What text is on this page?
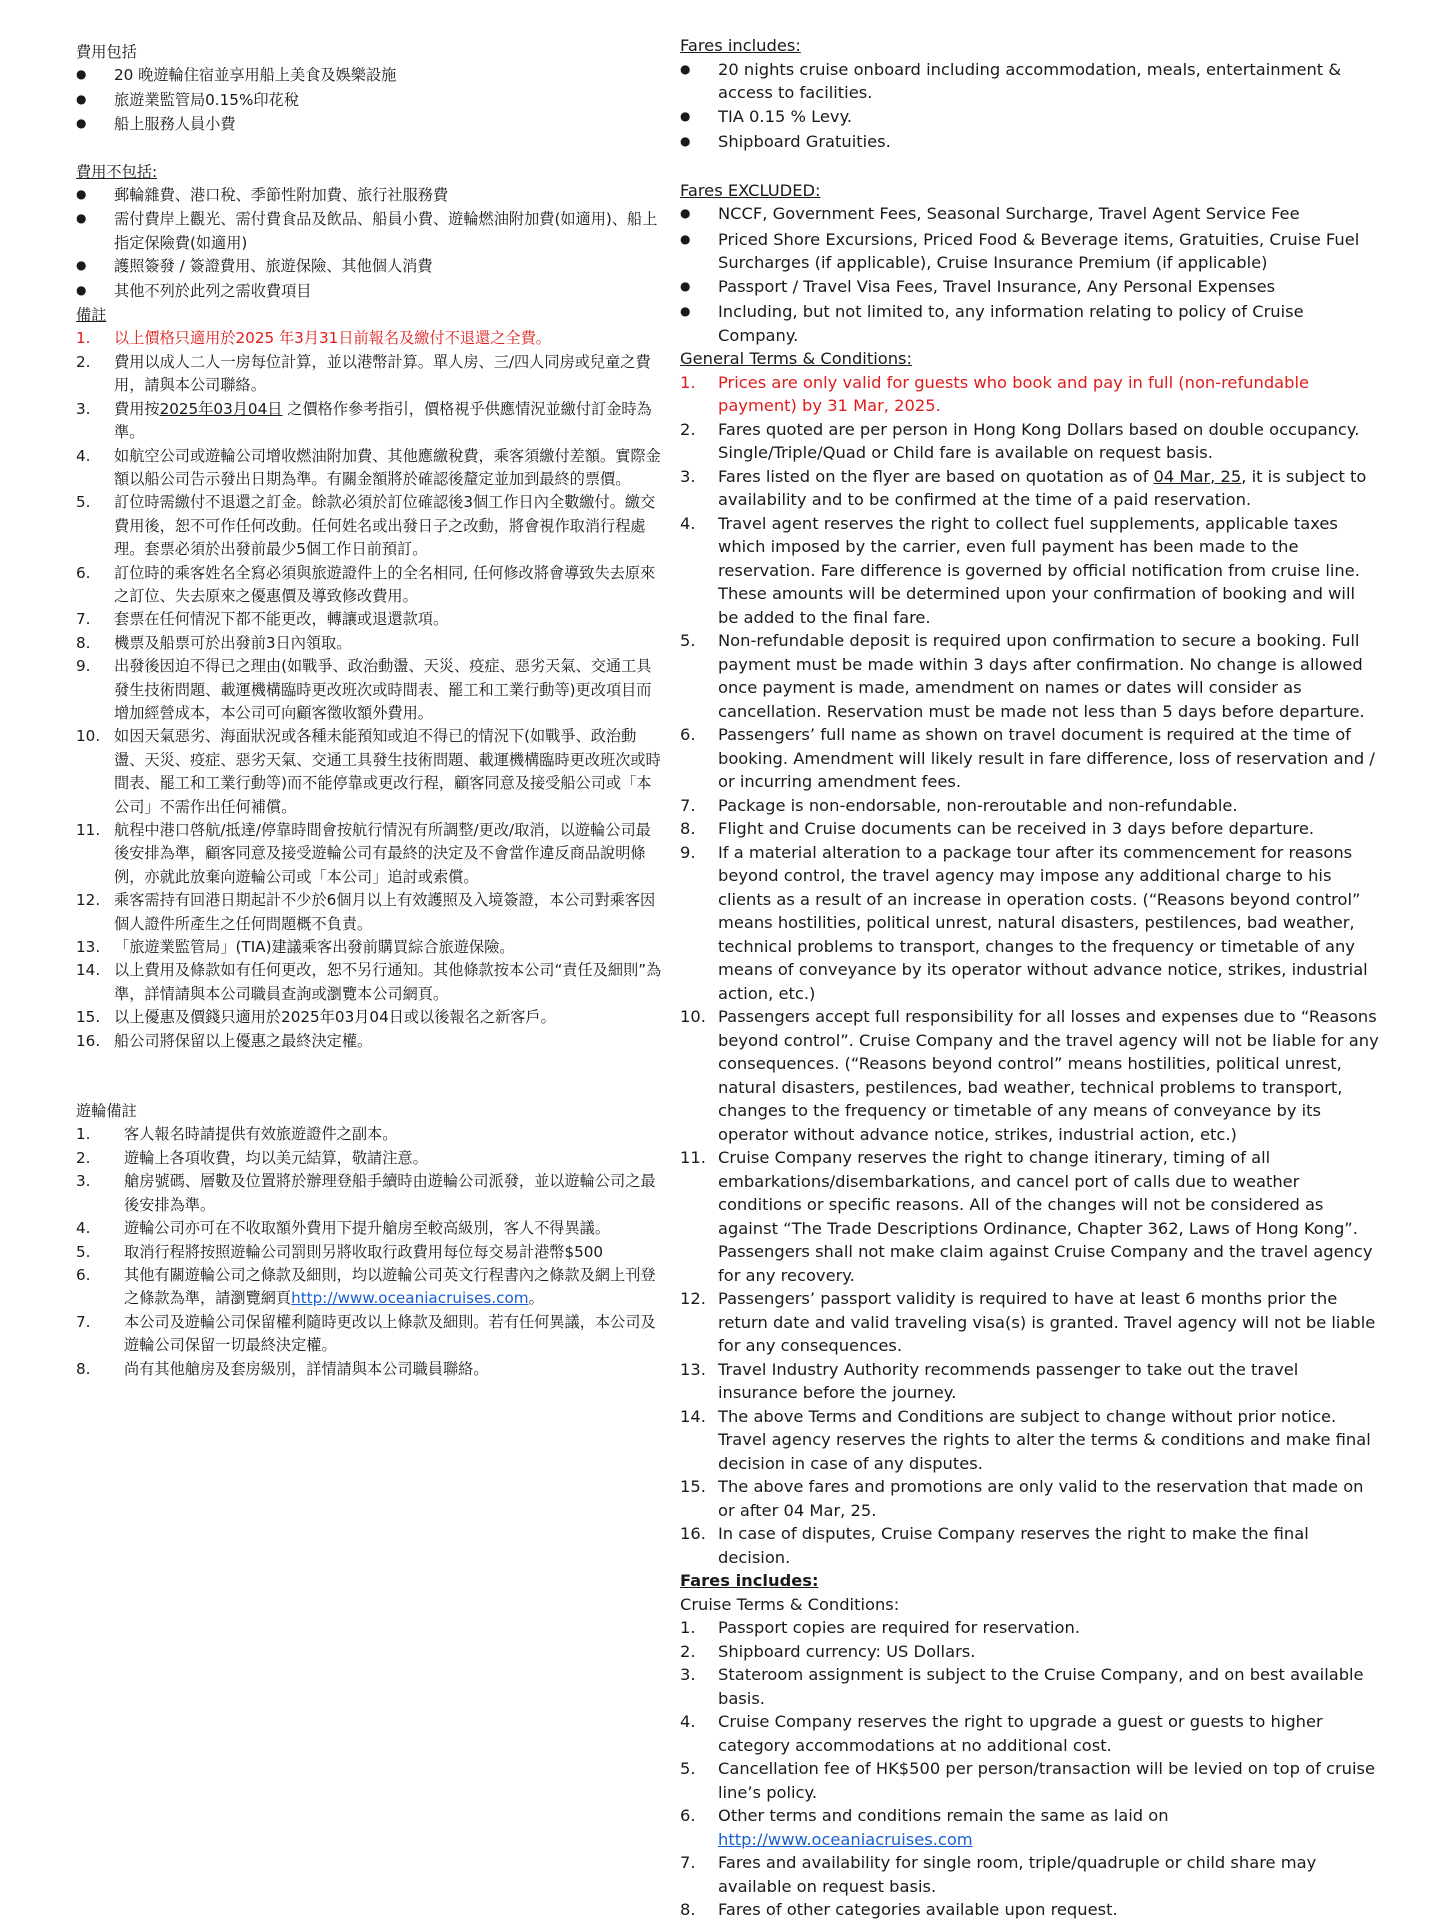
費用包括
●
20 晚遊輪住宿並享用船上美食及娛樂設施
●
旅遊業監管局0.15%印花稅
●
船上服務人員小費
費用不包括:
●
郵輪雜費、港口稅、季節性附加費、旅行社服務費
●
需付費岸上觀光、需付費食品及飲品、船員小費、遊輪燃油附加費(如適用)、船上指定保險費(如適用)
●
護照簽發 / 簽證費用、旅遊保險、其他個人消費
●
其他不列於此列之需收費項目
備註
1.	以上價格只適用於2025 年3月31日前報名及繳付不退還之全費。
2.	費用以成人二人一房每位計算，並以港幣計算。單人房、三/四人同房或兒童之費用，請與本公司聯絡。
3.	費用按2025年03月04日 之價格作參考指引，價格視乎供應情況並繳付訂金時為準。
4.	如航空公司或遊輪公司增收燃油附加費、其他應繳稅費，乘客須繳付差額。實際金額以船公司告示發出日期為準。有關金額將於確認後釐定並加到最終的票價。
5.	訂位時需繳付不退還之訂金。餘款必須於訂位確認後3個工作日內全數繳付。繳交費用後，恕不可作任何改動。任何姓名或出發日子之改動，將會視作取消行程處理。套票必須於出發前最少5個工作日前預訂。
6.	訂位時的乘客姓名全寫必須與旅遊證件上的全名相同, 任何修改將會導致失去原來之訂位、失去原來之優惠價及導致修改費用。
7.	套票在任何情況下都不能更改，轉讓或退還款項。
8.	機票及船票可於出發前3日內領取。
9.	出發後因迫不得已之理由(如戰爭、政治動盪、天災、疫症、惡劣天氣、交通工具發生技術問題、載運機構臨時更改班次或時間表、罷工和工業行動等)更改項目而增加經營成本，本公司可向顧客徵收額外費用。
10. 如因天氣惡劣、海面狀況或各種未能預知或迫不得已的情況下(如戰爭、政治動盪、天災、疫症、惡劣天氣、交通工具發生技術問題、載運機構臨時更改班次或時間表、罷工和工業行動等)而不能停靠或更改行程，顧客同意及接受船公司或「本公司」不需作出任何補償。
11. 航程中港口啓航/抵達/停靠時間會按航行情況有所調整/更改/取消，以遊輪公司最後安排為準，顧客同意及接受遊輪公司有最終的決定及不會當作違反商品說明條例，亦就此放棄向遊輪公司或「本公司」追討或索償。
12. 乘客需持有回港日期起計不少於6個月以上有效護照及入境簽證，本公司對乘客因個人證件所產生之任何問題概不負責。
13. 「旅遊業監管局」(TIA)建議乘客出發前購買綜合旅遊保險。
14. 以上費用及條款如有任何更改，恕不另行通知。其他條款按本公司“責任及細則”為準，詳情請與本公司職員查詢或瀏覽本公司網頁。
15. 以上優惠及價錢只適用於2025年03月04日或以後報名之新客戶。
16. 船公司將保留以上優惠之最終決定權。
遊輪備註
1.	客人報名時請提供有效旅遊證件之副本。
2.	遊輪上各項收費，均以美元結算，敬請注意。
3.	艙房號碼、層數及位置將於辦理登船手續時由遊輪公司派發，並以遊輪公司之最後安排為準。
4.	遊輪公司亦可在不收取額外費用下提升艙房至較高級別，客人不得異議。
5.	取消行程將按照遊輪公司罰則另將收取行政費用每位每交易計港幣$500
6.	其他有關遊輪公司之條款及細則，均以遊輪公司英文行程書內之條款及網上刊登之條款為準，請瀏覽網頁http://www.oceaniacruises.com。
7.	本公司及遊輪公司保留權利隨時更改以上條款及細則。若有任何異議，本公司及遊輪公司保留一切最終決定權。
8.	尚有其他艙房及套房級別，詳情請與本公司職員聯絡。
Fares includes:
●
20 nights cruise onboard including accommodation, meals, entertainment & access to facilities.
●
TIA 0.15 % Levy.
●
Shipboard Gratuities.
Fares EXCLUDED:
●
NCCF, Government Fees, Seasonal Surcharge, Travel Agent Service Fee
●
Priced Shore Excursions, Priced Food & Beverage items, Gratuities, Cruise Fuel Surcharges (if applicable), Cruise Insurance Premium (if applicable)
●
Passport / Travel Visa Fees, Travel Insurance, Any Personal Expenses
●
Including, but not limited to, any information relating to policy of Cruise Company.
General Terms & Conditions:
1.	Prices are only valid for guests who book and pay in full (non-refundable payment) by 31 Mar, 2025.
2.	Fares quoted are per person in Hong Kong Dollars based on double occupancy. Single/Triple/Quad or Child fare is available on request basis.
3.	Fares listed on the flyer are based on quotation as of 04 Mar, 25, it is subject to availability and to be confirmed at the time of a paid reservation.
4.	Travel agent reserves the right to collect fuel supplements, applicable taxes which imposed by the carrier, even full payment has been made to the reservation. Fare difference is governed by official notification from cruise line. These amounts will be determined upon your confirmation of booking and will be added to the final fare.
5.	Non-refundable deposit is required upon confirmation to secure a booking. Full payment must be made within 3 days after confirmation. No change is allowed once payment is made, amendment on names or dates will consider as cancellation. Reservation must be made not less than 5 days before departure.
6.	Passengers’ full name as shown on travel document is required at the time of booking. Amendment will likely result in fare difference, loss of reservation and / or incurring amendment fees.
7.	Package is non-endorsable, non-reroutable and non-refundable.
8.	Flight and Cruise documents can be received in 3 days before departure.
9.	If a material alteration to a package tour after its commencement for reasons beyond control, the travel agency may impose any additional charge to his clients as a result of an increase in operation costs. (“Reasons beyond control” means hostilities, political unrest, natural disasters, pestilences, bad weather, technical problems to transport, changes to the frequency or timetable of any means of conveyance by its operator without advance notice, strikes, industrial action, etc.)
10. Passengers accept full responsibility for all losses and expenses due to “Reasons beyond control”. Cruise Company and the travel agency will not be liable for any consequences. (“Reasons beyond control” means hostilities, political unrest, natural disasters, pestilences, bad weather, technical problems to transport, changes to the frequency or timetable of any means of conveyance by its operator without advance notice, strikes, industrial action, etc.)
11. Cruise Company reserves the right to change itinerary, timing of all embarkations/disembarkations, and cancel port of calls due to weather conditions or specific reasons. All of the changes will not be considered as against “The Trade Descriptions Ordinance, Chapter 362, Laws of Hong Kong”. Passengers shall not make claim against Cruise Company and the travel agency for any recovery.
12. Passengers’ passport validity is required to have at least 6 months prior the return date and valid traveling visa(s) is granted. Travel agency will not be liable for any consequences.
13. Travel Industry Authority recommends passenger to take out the travel insurance before the journey.
14. The above Terms and Conditions are subject to change without prior notice. Travel agency reserves the rights to alter the terms & conditions and make final decision in case of any disputes.
15. The above fares and promotions are only valid to the reservation that made on or after 04 Mar, 25.
16. In case of disputes, Cruise Company reserves the right to make the final decision.
Fares includes:
Cruise Terms & Conditions:
1.	Passport copies are required for reservation.
2.	Shipboard currency: US Dollars.
3.	Stateroom assignment is subject to the Cruise Company, and on best available basis.
4.	Cruise Company reserves the right to upgrade a guest or guests to higher category accommodations at no additional cost.
5.	Cancellation fee of HK$500 per person/transaction will be levied on top of cruise line’s policy.
6.	Other terms and conditions remain the same as laid on http://www.oceaniacruises.com
7.	Fares and availability for single room, triple/quadruple or child share may available on request basis.
8.	Fares of other categories available upon request.
